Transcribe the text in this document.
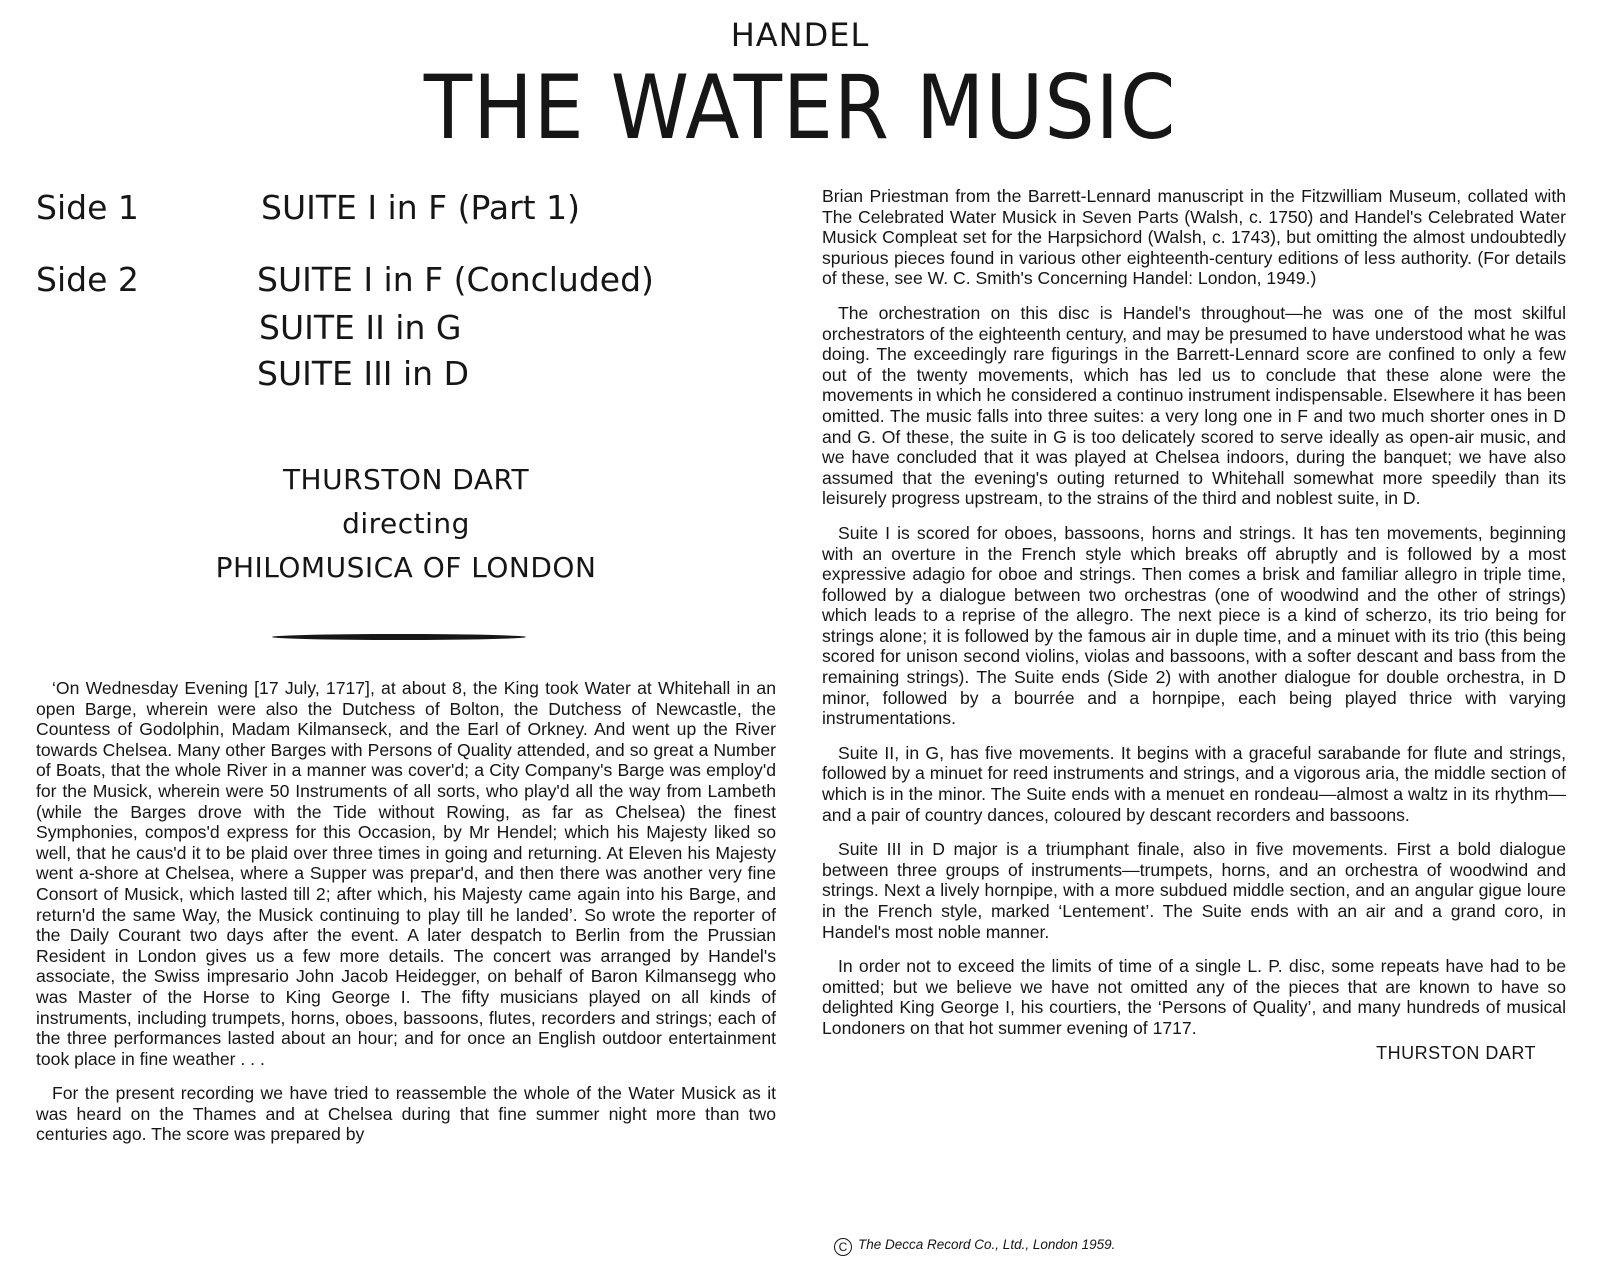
HANDEL
THE WATER MUSIC
Side 1	SUITE I in F (Part 1)
Side 2	SUITE I in F (Concluded)
SUITE II in G
SUITE III in D
THURSTON DART
directing
PHILOMUSICA OF LONDON

‘On Wednesday Evening [17 July, 1717], at about 8, the King took Water at Whitehall in an open Barge, wherein were also the Dutchess of Bolton, the Dutchess of Newcastle, the Countess of Godolphin, Madam Kilmanseck, and the Earl of Orkney. And went up the River towards Chelsea. Many other Barges with Persons of Quality attended, and so great a Number of Boats, that the whole River in a manner was cover'd; a City Company's Barge was employ'd for the Musick, wherein were 50 Instruments of all sorts, who play'd all the way from Lambeth (while the Barges drove with the Tide without Rowing, as far as Chelsea) the finest Symphonies, compos'd express for this Occasion, by Mr Hendel; which his Majesty liked so well, that he caus'd it to be plaid over three times in going and returning. At Eleven his Majesty went a-shore at Chelsea, where a Supper was prepar'd, and then there was another very fine Consort of Musick, which lasted till 2; after which, his Majesty came again into his Barge, and return'd the same Way, the Musick continuing to play till he landed’. So wrote the reporter of the Daily Courant two days after the event. A later despatch to Berlin from the Prussian Resident in London gives us a few more details. The concert was arranged by Handel's associate, the Swiss impresario John Jacob Heidegger, on behalf of Baron Kilmansegg who was Master of the Horse to King George I. The fifty musicians played on all kinds of instruments, including trumpets, horns, oboes, bassoons, flutes, recorders and strings; each of the three performances lasted about an hour; and for once an English outdoor entertainment took place in fine weather . . .

For the present recording we have tried to reassemble the whole of the Water Musick as it was heard on the Thames and at Chelsea during that fine summer night more than two centuries ago. The score was prepared by

Brian Priestman from the Barrett-Lennard manuscript in the Fitzwilliam Museum, collated with The Celebrated Water Musick in Seven Parts (Walsh, c. 1750) and Handel's Celebrated Water Musick Compleat set for the Harpsichord (Walsh, c. 1743), but omitting the almost undoubtedly spurious pieces found in various other eighteenth-century editions of less authority. (For details of these, see W. C. Smith's Concerning Handel: London, 1949.)

The orchestration on this disc is Handel's throughout—he was one of the most skilful orchestrators of the eighteenth century, and may be presumed to have understood what he was doing. The exceedingly rare figurings in the Barrett-Lennard score are confined to only a few out of the twenty movements, which has led us to conclude that these alone were the movements in which he considered a continuo instrument indispensable. Elsewhere it has been omitted. The music falls into three suites: a very long one in F and two much shorter ones in D and G. Of these, the suite in G is too delicately scored to serve ideally as open-air music, and we have concluded that it was played at Chelsea indoors, during the banquet; we have also assumed that the evening's outing returned to Whitehall somewhat more speedily than its leisurely progress upstream, to the strains of the third and noblest suite, in D.

Suite I is scored for oboes, bassoons, horns and strings. It has ten movements, beginning with an overture in the French style which breaks off abruptly and is followed by a most expressive adagio for oboe and strings. Then comes a brisk and familiar allegro in triple time, followed by a dialogue between two orchestras (one of woodwind and the other of strings) which leads to a reprise of the allegro. The next piece is a kind of scherzo, its trio being for strings alone; it is followed by the famous air in duple time, and a minuet with its trio (this being scored for unison second violins, violas and bassoons, with a softer descant and bass from the remaining strings). The Suite ends (Side 2) with another dialogue for double orchestra, in D minor, followed by a bourrée and a hornpipe, each being played thrice with varying instrumentations.

Suite II, in G, has five movements. It begins with a graceful sarabande for flute and strings, followed by a minuet for reed instruments and strings, and a vigorous aria, the middle section of which is in the minor. The Suite ends with a menuet en rondeau—almost a waltz in its rhythm—and a pair of country dances, coloured by descant recorders and bassoons.

Suite III in D major is a triumphant finale, also in five movements. First a bold dialogue between three groups of instruments—trumpets, horns, and an orchestra of woodwind and strings. Next a lively hornpipe, with a more subdued middle section, and an angular gigue loure in the French style, marked ‘Lentement’. The Suite ends with an air and a grand coro, in Handel's most noble manner.

In order not to exceed the limits of time of a single L. P. disc, some repeats have had to be omitted; but we believe we have not omitted any of the pieces that are known to have so delighted King George I, his courtiers, the ‘Persons of Quality’, and many hundreds of musical Londoners on that hot summer evening of 1717.

THURSTON DART
C The Decca Record Co., Ltd., London 1959.
